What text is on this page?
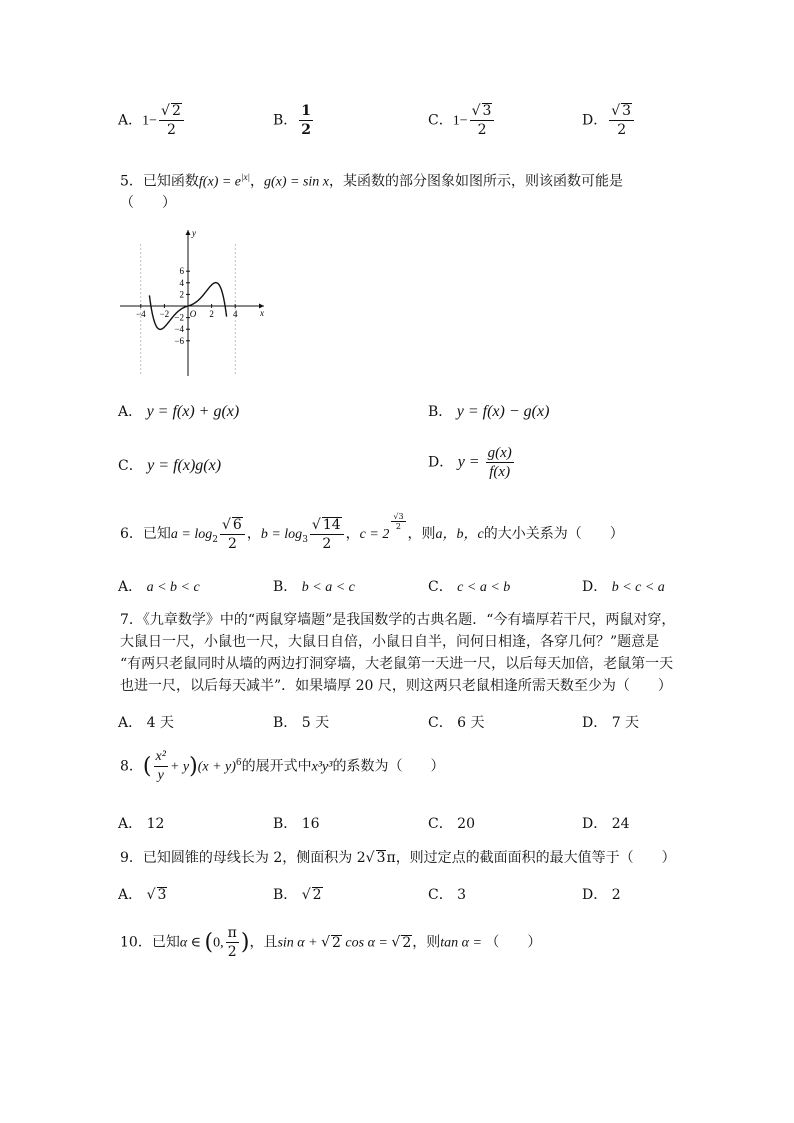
A．$1- \frac{√ 2}{2}$	B． $\frac{1}{2}$	C．$1- \frac{√ 3}{2}$	D． $\frac{√ 3}{2}$
5．已知函数$f(x) = e^{|x|}$，g(x) = sin x，某函数的部分图象如图所示，则该函数可能是
（　　）
−4 −2 O 2 4
6
4
2
−2
−4
−6
x
y
A． y = f(x) + g(x)	B． y = f(x) − g(x)
C． y = f(x)g(x)	D． $y = \frac{g(x)}{f(x)}$
6．已知$a = \log_2 \frac{√ 6}{2}$ ，$b = \log_3 \frac{√ 14}{2}$ ，c = 2
$^{\frac{√3}{2}}$
，则a，b，c的大小关系为（　　）
A． a < b < c	B． b < a < c	C． c < a < b	D． b < c < a
7．《九章数学》中的“两鼠穿墙题”是我国数学的古典名题．“今有墙厚若干尺，两鼠对穿，
大鼠日一尺，小鼠也一尺，大鼠日自倍，小鼠日自半，问何日相逢，各穿几何？”题意是
“有两只老鼠同时从墙的两边打洞穿墙，大老鼠第一天进一尺，以后每天加倍，老鼠第一天
也进一尺，以后每天减半”．如果墙厚 20 尺，则这两只老鼠相逢所需天数至少为（　　）
A． 4 天	B． 5 天	C． 6 天	D． 7 天
8．( $\frac{\text{x²}}{y} + y)(x + y)^6$的展开式中x³y³的系数为（　　）
A． 12	B． 16	C． 20	D． 24
9．已知圆锥的母线长为 2，侧面积为 2√ 3π，则过定点的截面面积的最大值等于（　　）
A． √ 3	B． √ 2	C． 3	D． 2
10．已知α ∈ (0, $\frac{\pi}{2}$ )，且sin α + √ 2 cos α = √ 2，则tan α = （　　）
